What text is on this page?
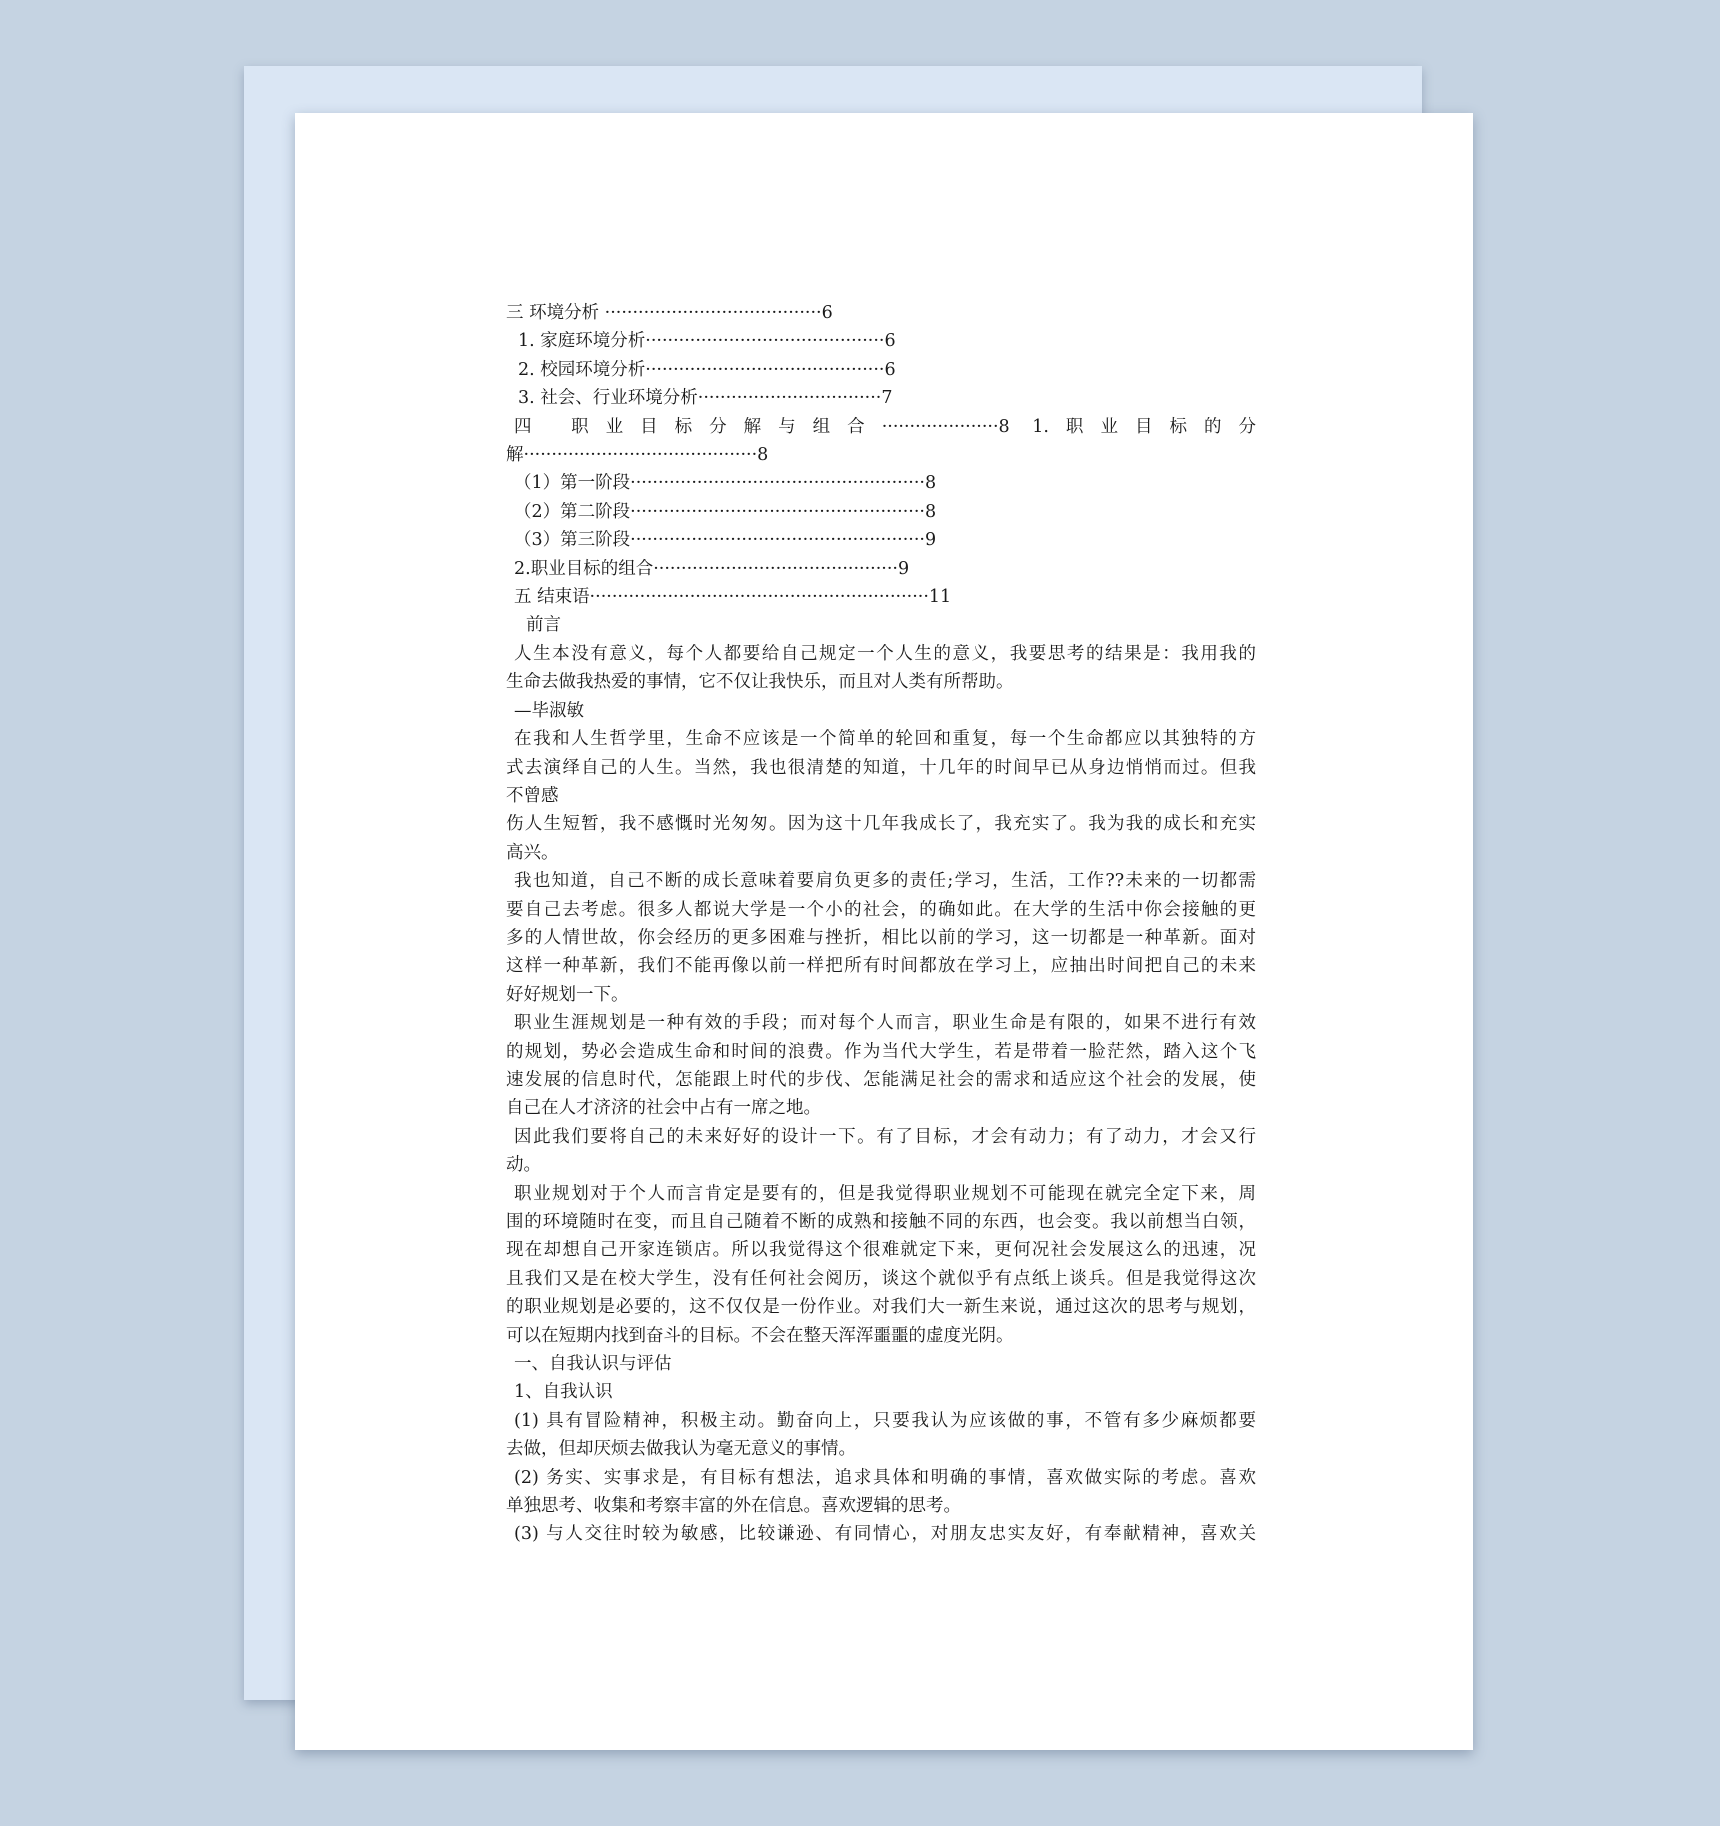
三 环境分析 ·······································6
1. 家庭环境分析···········································6
2. 校园环境分析···········································6
3. 社会、行业环境分析·································7
四 职业目标分解与组合·····················8 1.职业目标的分
解··········································8
（1）第一阶段·····················································8
（2）第二阶段·····················································8
（3）第三阶段·····················································9
2.职业目标的组合············································9
五 结束语·····························································11
前言
人生本没有意义，每个人都要给自己规定一个人生的意义，我要思考的结果是：我用我的
生命去做我热爱的事情，它不仅让我快乐，而且对人类有所帮助。
—毕淑敏
在我和人生哲学里，生命不应该是一个简单的轮回和重复，每一个生命都应以其独特的方
式去演绎自己的人生。当然，我也很清楚的知道，十几年的时间早已从身边悄悄而过。但我
不曾感
伤人生短暂，我不感慨时光匆匆。因为这十几年我成长了，我充实了。我为我的成长和充实
高兴。
我也知道，自己不断的成长意味着要肩负更多的责任;学习，生活，工作??未来的一切都需
要自己去考虑。很多人都说大学是一个小的社会，的确如此。在大学的生活中你会接触的更
多的人情世故，你会经历的更多困难与挫折，相比以前的学习，这一切都是一种革新。面对
这样一种革新，我们不能再像以前一样把所有时间都放在学习上，应抽出时间把自己的未来
好好规划一下。
职业生涯规划是一种有效的手段；而对每个人而言，职业生命是有限的，如果不进行有效
的规划，势必会造成生命和时间的浪费。作为当代大学生，若是带着一脸茫然，踏入这个飞
速发展的信息时代，怎能跟上时代的步伐、怎能满足社会的需求和适应这个社会的发展，使
自己在人才济济的社会中占有一席之地。
因此我们要将自己的未来好好的设计一下。有了目标，才会有动力；有了动力，才会又行
动。
职业规划对于个人而言肯定是要有的，但是我觉得职业规划不可能现在就完全定下来，周
围的环境随时在变，而且自己随着不断的成熟和接触不同的东西，也会变。我以前想当白领，
现在却想自己开家连锁店。所以我觉得这个很难就定下来，更何况社会发展这么的迅速，况
且我们又是在校大学生，没有任何社会阅历，谈这个就似乎有点纸上谈兵。但是我觉得这次
的职业规划是必要的，这不仅仅是一份作业。对我们大一新生来说，通过这次的思考与规划，
可以在短期内找到奋斗的目标。不会在整天浑浑噩噩的虚度光阴。
一、自我认识与评估
1、自我认识
(1) 具有冒险精神，积极主动。勤奋向上，只要我认为应该做的事，不管有多少麻烦都要
去做，但却厌烦去做我认为毫无意义的事情。
(2) 务实、实事求是，有目标有想法，追求具体和明确的事情，喜欢做实际的考虑。喜欢
单独思考、收集和考察丰富的外在信息。喜欢逻辑的思考。
(3) 与人交往时较为敏感，比较谦逊、有同情心，对朋友忠实友好，有奉献精神，喜欢关
